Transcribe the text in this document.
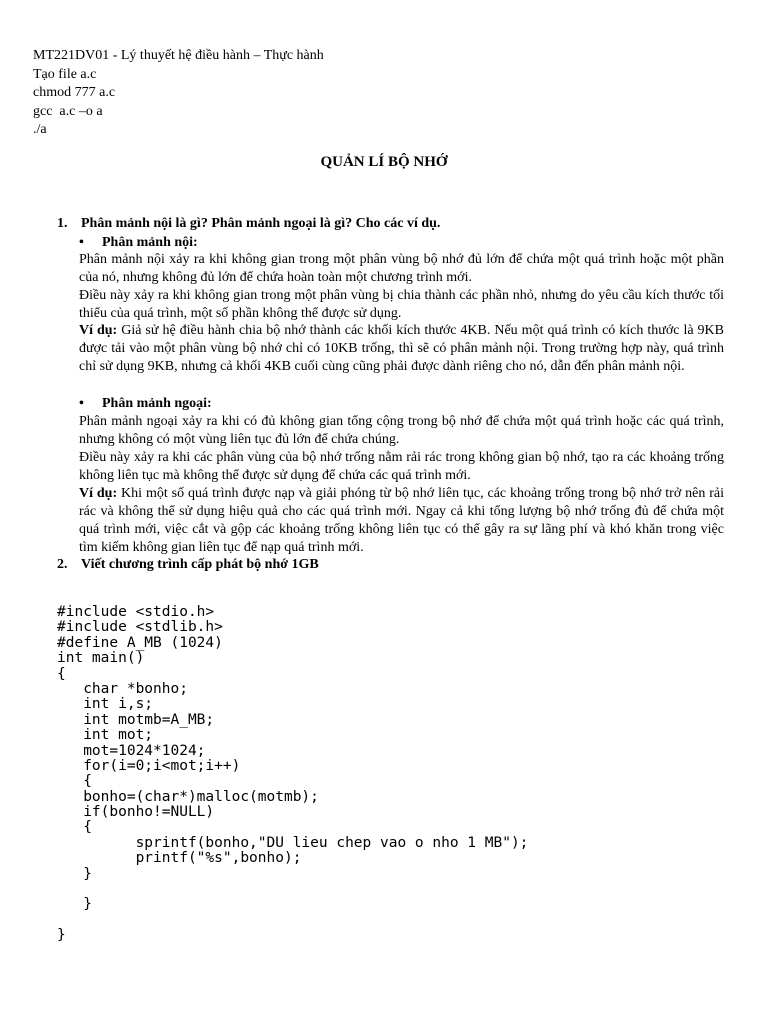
MT221DV01 - Lý thuyết hệ điều hành – Thực hành
Tạo file a.c
chmod 777 a.c
gcc  a.c –o a
./a
QUẢN LÍ BỘ NHỚ
1. Phân mảnh nội là gì? Phân mảnh ngoại là gì? Cho các ví dụ.
• Phân mảnh nội:

Phân mảnh nội xảy ra khi không gian trong một phân vùng bộ nhớ đủ lớn để chứa một quá trình hoặc một phần của nó, nhưng không đủ lớn để chứa hoàn toàn một chương trình mới.

Điều này xảy ra khi không gian trong một phân vùng bị chia thành các phần nhỏ, nhưng do yêu cầu kích thước tối thiểu của quá trình, một số phần không thể được sử dụng.

Ví dụ: Giả sử hệ điều hành chia bộ nhớ thành các khối kích thước 4KB. Nếu một quá trình có kích thước là 9KB được tải vào một phân vùng bộ nhớ chỉ có 10KB trống, thì sẽ có phân mảnh nội. Trong trường hợp này, quá trình chỉ sử dụng 9KB, nhưng cả khối 4KB cuối cùng cũng phải được dành riêng cho nó, dẫn đến phân mảnh nội.

• Phân mảnh ngoại:

Phân mảnh ngoại xảy ra khi có đủ không gian tổng cộng trong bộ nhớ để chứa một quá trình hoặc các quá trình, nhưng không có một vùng liên tục đủ lớn để chứa chúng.

Điều này xảy ra khi các phân vùng của bộ nhớ trống nằm rải rác trong không gian bộ nhớ, tạo ra các khoảng trống không liên tục mà không thể được sử dụng để chứa các quá trình mới.

Ví dụ: Khi một số quá trình được nạp và giải phóng từ bộ nhớ liên tục, các khoảng trống trong bộ nhớ trở nên rải rác và không thể sử dụng hiệu quả cho các quá trình mới. Ngay cả khi tổng lượng bộ nhớ trống đủ để chứa một quá trình mới, việc cắt và gộp các khoảng trống không liên tục có thể gây ra sự lãng phí và khó khăn trong việc tìm kiếm không gian liên tục để nạp quá trình mới.

2. Viết chương trình cấp phát bộ nhớ 1GB
#include <stdio.h>
#include <stdlib.h>
#define A_MB (1024)
int main()
{
char *bonho;
int i,s;
int motmb=A_MB;
int mot;
mot=1024*1024;
for(i=0;i<mot;i++)
{
bonho=(char*)malloc(motmb);
if(bonho!=NULL)
{
sprintf(bonho,"DU lieu chep vao o nho 1 MB");
printf("%s",bonho);
}
}
}
